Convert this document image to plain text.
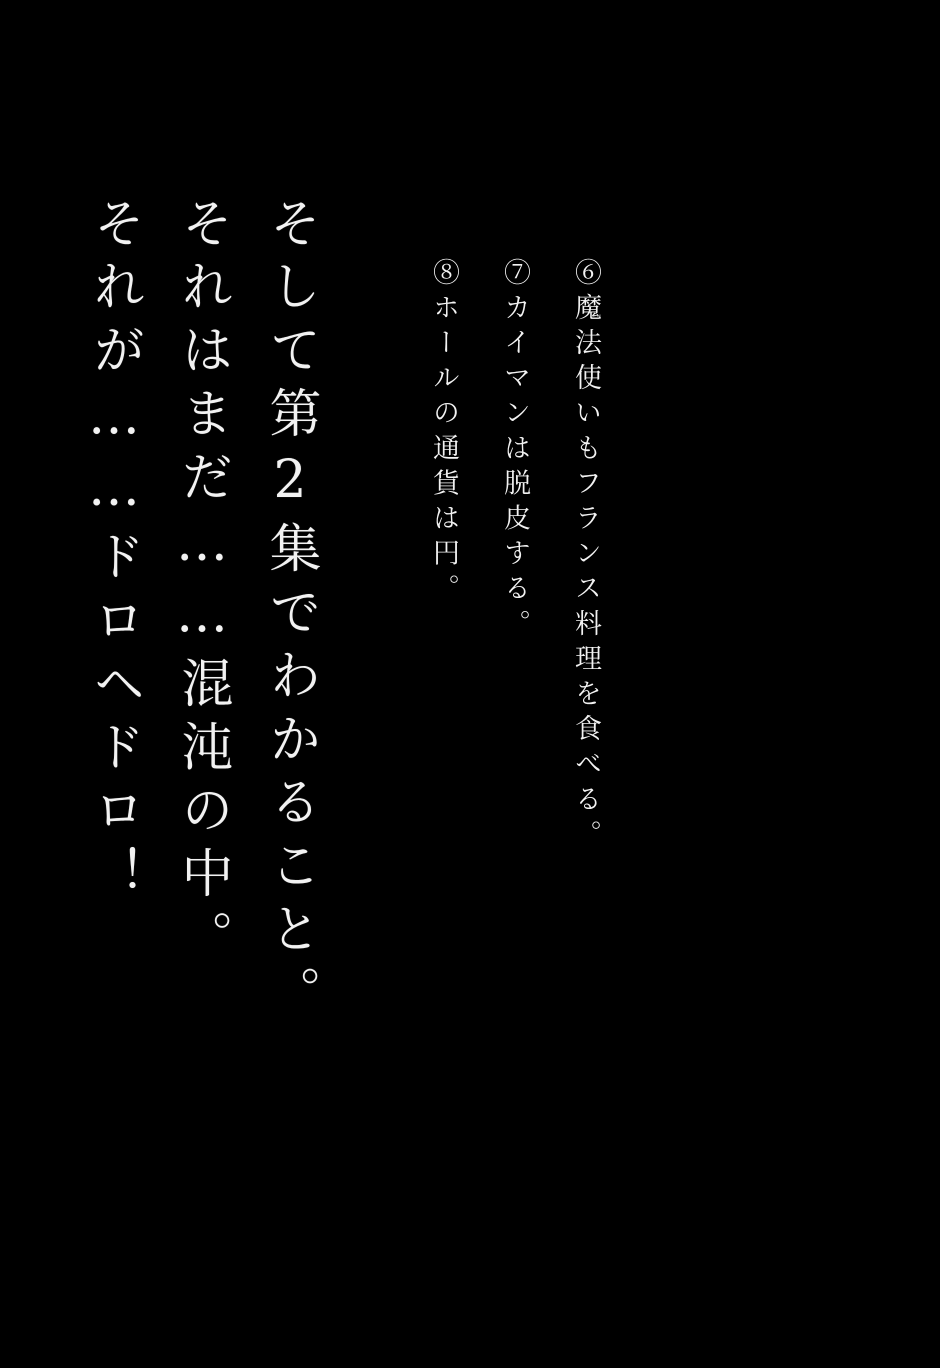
そして第2集でわかること。
それはまだ……混沌の中。
それが……ドロヘドロ！	⑥魔法使いもフランス料理を食べる。
⑦カイマンは脱皮する。
⑧ホールの通貨は円。
